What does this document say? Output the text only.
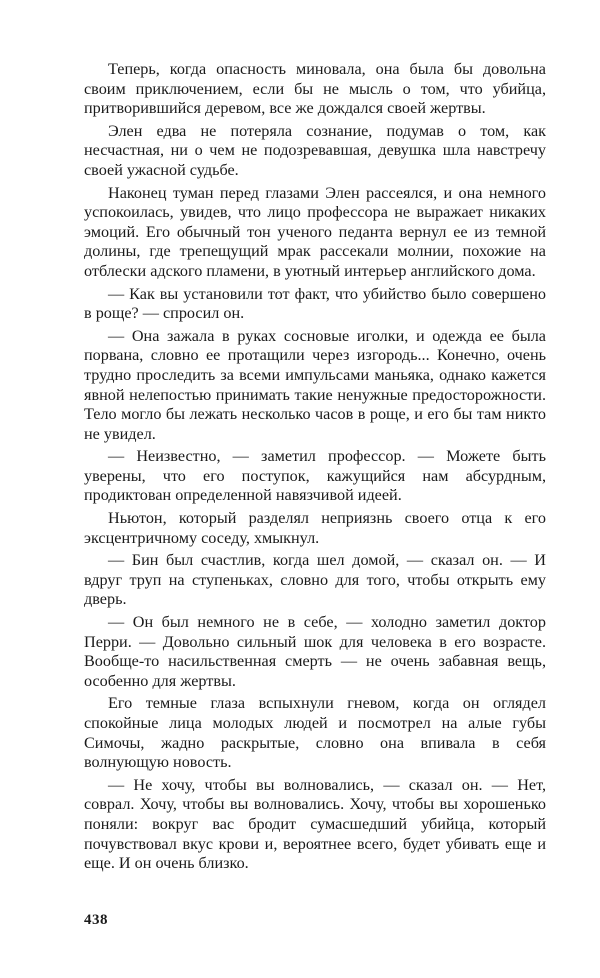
Теперь, когда опасность миновала, она была бы довольна своим приключением, если бы не мысль о том, что убийца, притворившийся деревом, все же дождался своей жертвы.

Элен едва не потеряла сознание, подумав о том, как несчастная, ни о чем не подозревавшая, девушка шла навстречу своей ужасной судьбе.

Наконец туман перед глазами Элен рассеялся, и она немного успокоилась, увидев, что лицо профессора не выражает никаких эмоций. Его обычный тон ученого педанта вернул ее из темной долины, где трепещущий мрак рассекали молнии, похожие на отблески адского пламени, в уютный интерьер английского дома.

— Как вы установили тот факт, что убийство было совершено в роще? — спросил он.

— Она зажала в руках сосновые иголки, и одежда ее была порвана, словно ее протащили через изгородь... Конечно, очень трудно проследить за всеми импульсами маньяка, однако кажется явной нелепостью принимать такие ненужные предосторожности. Тело могло бы лежать несколько часов в роще, и его бы там никто не увидел.

— Неизвестно, — заметил профессор. — Можете быть уверены, что его поступок, кажущийся нам абсурдным, продиктован определенной навязчивой идеей.

Ньютон, который разделял неприязнь своего отца к его эксцентричному соседу, хмыкнул.

— Бин был счастлив, когда шел домой, — сказал он. — И вдруг труп на ступеньках, словно для того, чтобы открыть ему дверь.

— Он был немного не в себе, — холодно заметил доктор Перри. — Довольно сильный шок для человека в его возрасте. Вообще-то насильственная смерть — не очень забавная вещь, особенно для жертвы.

Его темные глаза вспыхнули гневом, когда он оглядел спокойные лица молодых людей и посмотрел на алые губы Симочы, жадно раскрытые, словно она впивала в себя волнующую новость.

— Не хочу, чтобы вы волновались, — сказал он. — Нет, соврал. Хочу, чтобы вы волновались. Хочу, чтобы вы хорошенько поняли: вокруг вас бродит сумасшедший убийца, который почувствовал вкус крови и, вероятнее всего, будет убивать еще и еще. И он очень близко.

438
